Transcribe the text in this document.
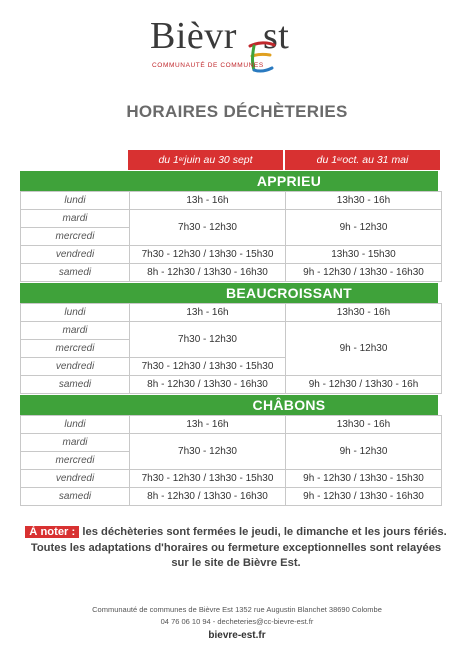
Bièvr st
COMMUNAUTÉ DE COMMUNES
HORAIRES DÉCHÈTERIES
du 1 er juin au 30 sept	du 1 er oct. au 31 mai
APPRIEU
lundi	13h - 16h	13h30 - 16h
mardi	7h30 - 12h30	9h - 12h30
mercredi		
vendredi	7h30 - 12h30 / 13h30 - 15h30	13h30 - 15h30
samedi	8h - 12h30 / 13h30 - 16h30	9h - 12h30 / 13h30 - 16h30
BEAUCROISSANT
lundi	13h - 16h	13h30 - 16h
mardi	7h30 - 12h30	9h - 12h30
mercredi		
vendredi	7h30 - 12h30 / 13h30 - 15h30	
samedi	8h - 12h30 / 13h30 - 16h30	9h - 12h30 / 13h30 - 16h
CHÂBONS
lundi	13h - 16h	13h30 - 16h
mardi	7h30 - 12h30	9h - 12h30
mercredi		
vendredi	7h30 - 12h30 / 13h30 - 15h30	9h - 12h30 / 13h30 - 15h30
samedi	8h - 12h30 / 13h30 - 16h30	9h - 12h30 / 13h30 - 16h30
À noter : les déchèteries sont fermées le jeudi, le dimanche et les jours fériés. Toutes les adaptations d'horaires ou fermeture exceptionnelles sont relayées sur le site de Bièvre Est.
Communauté de communes de Bièvre Est 1352 rue Augustin Blanchet 38690 Colombe
04 76 06 10 94 - decheteries@cc-bievre-est.fr
bievre-est.fr
